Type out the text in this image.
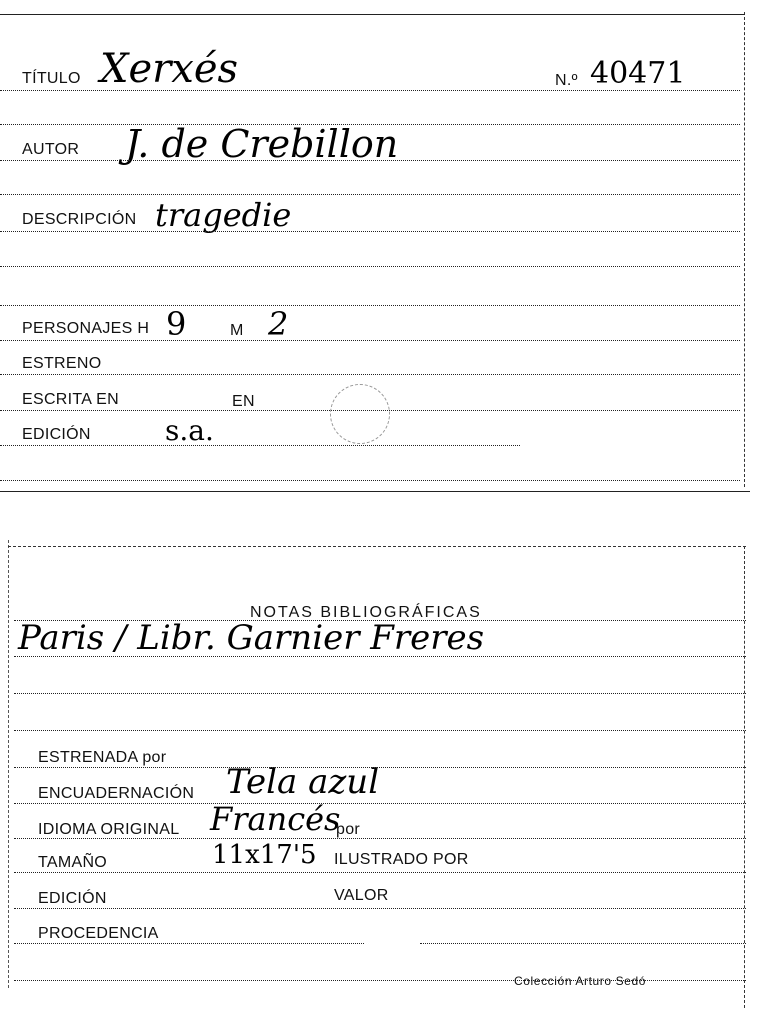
TÍTULO Xerxés	N.º 40471
AUTOR J. de Crebillon
DESCRIPCIÓN tragedie
PERSONAJES H 9	M 2
ESTRENO
ESCRITA EN	EN
EDICIÓN	s.a.
NOTAS BIBLIOGRÁFICAS
Paris / Libr. Garnier Freres
ESTRENADA por
ENCUADERNACIÓN Tela azul
IDIOMA ORIGINAL Francés
por
TAMAÑO	11x17'5 ILUSTRADO POR
EDICIÓN	VALOR
PROCEDENCIA
Colección Arturo Sedó
